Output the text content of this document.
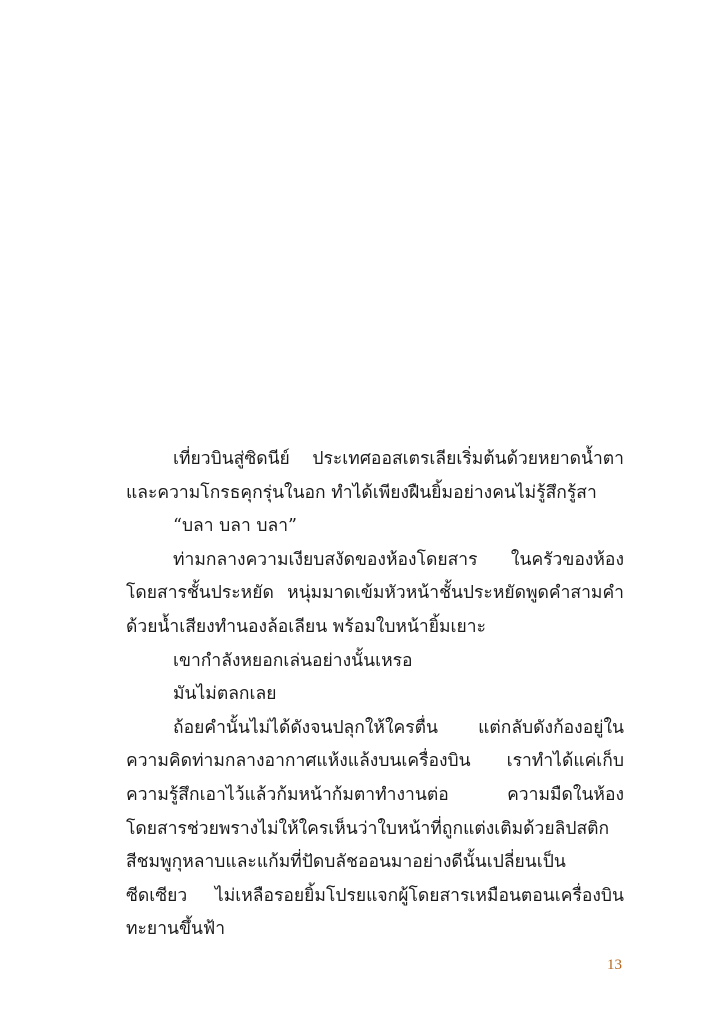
เที่ยวบินสู่ซิดนีย์ ประเทศออสเตรเลียเริ่มต้นด้วยหยาดน้ำตาและความโกรธคุกรุ่นในอก ทำได้เพียงฝืนยิ้มอย่างคนไม่รู้สึกรู้สา

“บลา บลา บลา”

ท่ามกลางความเงียบสงัดของห้องโดยสาร ในครัวของห้องโดยสารชั้นประหยัด หนุ่มมาดเข้มหัวหน้าชั้นประหยัดพูดคำสามคำด้วยน้ำเสียงทำนองล้อเลียน พร้อมใบหน้ายิ้มเยาะ

เขากำลังหยอกเล่นอย่างนั้นเหรอ

มันไม่ตลกเลย

ถ้อยคำนั้นไม่ได้ดังจนปลุกให้ใครตื่น แต่กลับดังก้องอยู่ในความคิดท่ามกลางอากาศแห้งแล้งบนเครื่องบิน เราทำได้แค่เก็บความรู้สึกเอาไว้แล้วก้มหน้าก้มตาทำงานต่อ ความมืดในห้องโดยสารช่วยพรางไม่ให้ใครเห็นว่าใบหน้าที่ถูกแต่งเติมด้วยลิปสติกสีชมพูกุหลาบและแก้มที่ปัดบลัชออนมาอย่างดีนั้นเปลี่ยนเป็นซีดเซียว ไม่เหลือรอยยิ้มโปรยแจกผู้โดยสารเหมือนตอนเครื่องบินทะยานขึ้นฟ้า

13
